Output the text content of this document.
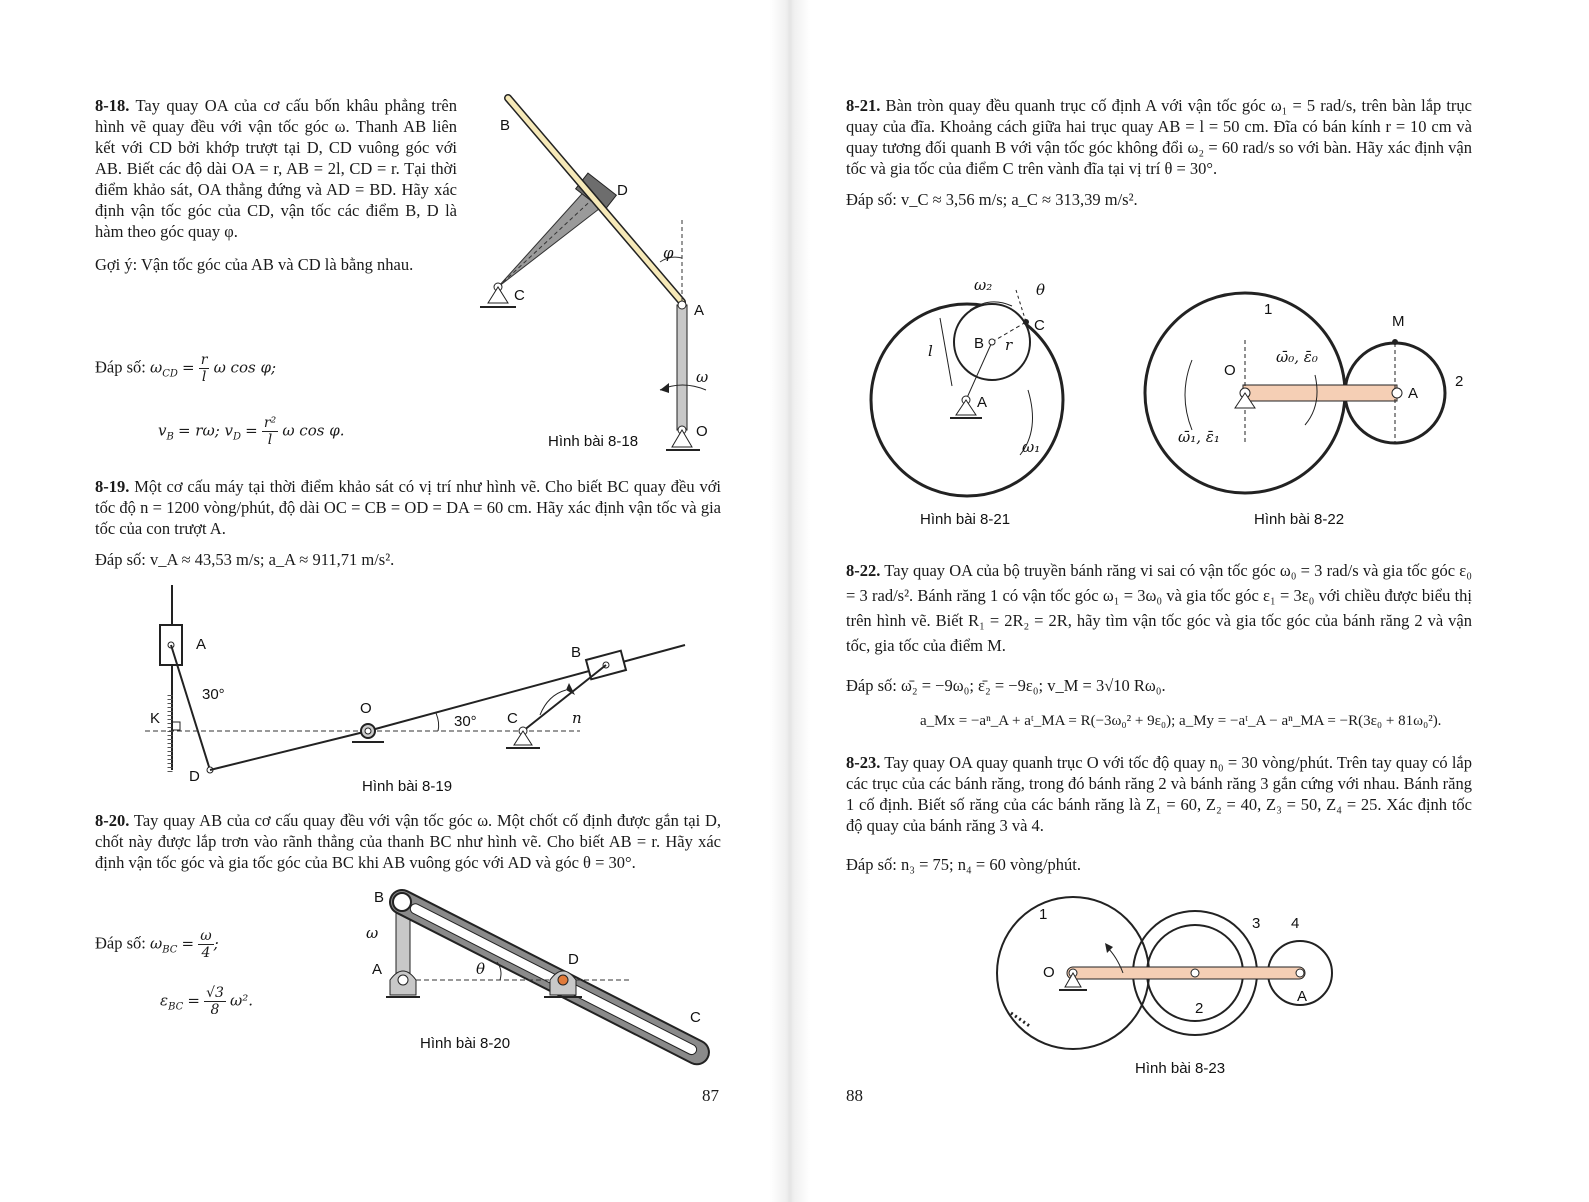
8-18. Tay quay OA của cơ cấu bốn khâu phẳng trên hình vẽ quay đều với vận tốc góc ω. Thanh AB liên kết với CD bởi khớp trượt tại D, CD vuông góc với AB. Biết các độ dài OA = r, AB = 2l, CD = r. Tại thời điểm khảo sát, OA thẳng đứng và AD = BD. Hãy xác định vận tốc góc của CD, vận tốc các điểm B, D là hàm theo góc quay φ.

Gợi ý: Vận tốc góc của AB và CD là bằng nhau.

Đáp số: $\omega_{CD} = \frac{r}{l}$ ω cos φ;
$v_B = r\omega$; $v_D = \frac{\text{r²}}{l}$ ω cos φ.
B
D
C
A
O
φ
ω
Hình bài 8-18

8-19. Một cơ cấu máy tại thời điểm khảo sát có vị trí như hình vẽ. Cho biết BC quay đều với tốc độ n = 1200 vòng/phút, độ dài OC = CB = OD = DA = 60 cm. Hãy xác định vận tốc và gia tốc của con trượt A.

Đáp số: v_A ≈ 43,53 m/s; a_A ≈ 911,71 m/s².

A
30°
K
D
O
30° C
B
n
Hình bài 8-19

8-20. Tay quay AB của cơ cấu quay đều với vận tốc góc ω. Một chốt cố định được gắn tại D, chốt này được lắp trơn vào rãnh thẳng của thanh BC như hình vẽ. Cho biết AB = r. Hãy xác định vận tốc góc và gia tốc góc của BC khi AB vuông góc với AD và góc θ = 30°.

Đáp số: $\omega_{BC} = \frac{\omega}{4}$ ;
$\varepsilon_{BC} = \frac{√3}{8} \omega^2$.
B
ω
A	θ
D
C
Hình bài 8-20
87

8-21. Bàn tròn quay đều quanh trục cố định A với vận tốc góc ω₁ = 5 rad/s, trên bàn lắp trục quay của đĩa. Khoảng cách giữa hai trục quay AB = l = 50 cm. Đĩa có bán kính r = 10 cm và quay tương đối quanh B với vận tốc góc không đổi ω₂ = 60 rad/s so với bàn. Hãy xác định vận tốc và gia tốc của điểm C trên vành đĩa tại vị trí θ = 30°.

Đáp số: v_C ≈ 3,56 m/s; a_C ≈ 313,39 m/s².

ω₂	θ
C
B r
l
A
ω₁
Hình bài 8-21
1
M
O
ω̄₀, ε̄₀
A
2
ω̄₁, ε̄₁
Hình bài 8-22

8-22. Tay quay OA của bộ truyền bánh răng vi sai có vận tốc góc ω₀ = 3 rad/s và gia tốc góc ε₀ = 3 rad/s². Bánh răng 1 có vận tốc góc ω₁ = 3ω₀ và gia tốc góc ε₁ = 3ε₀ với chiều được biểu thị trên hình vẽ. Biết R₁ = 2R₂ = 2R, hãy tìm vận tốc góc và gia tốc góc của bánh răng 2 và vận tốc, gia tốc của điểm M.

Đáp số: ω̄₂ = −9ω₀; ε̄₂ = −9ε₀; v_M = 3√10 Rω₀.
a_Mx = −aⁿ_A + aᵗ_MA = R(−3ω₀² + 9ε₀); a_My = −aᵗ_A − aⁿ_MA = −R(3ε₀ + 81ω₀²).

8-23. Tay quay OA quay quanh trục O với tốc độ quay n₀ = 30 vòng/phút. Trên tay quay có lắp các trục của các bánh răng, trong đó bánh răng 2 và bánh răng 3 gắn cứng với nhau. Bánh răng 1 cố định. Biết số răng của các bánh răng là Z₁ = 60, Z₂ = 40, Z₃ = 50, Z₄ = 25. Xác định tốc độ quay của bánh răng 3 và 4.

Đáp số: n₃ = 75; n₄ = 60 vòng/phút.

1
3 4
O
2
A
Hình bài 8-23
88
